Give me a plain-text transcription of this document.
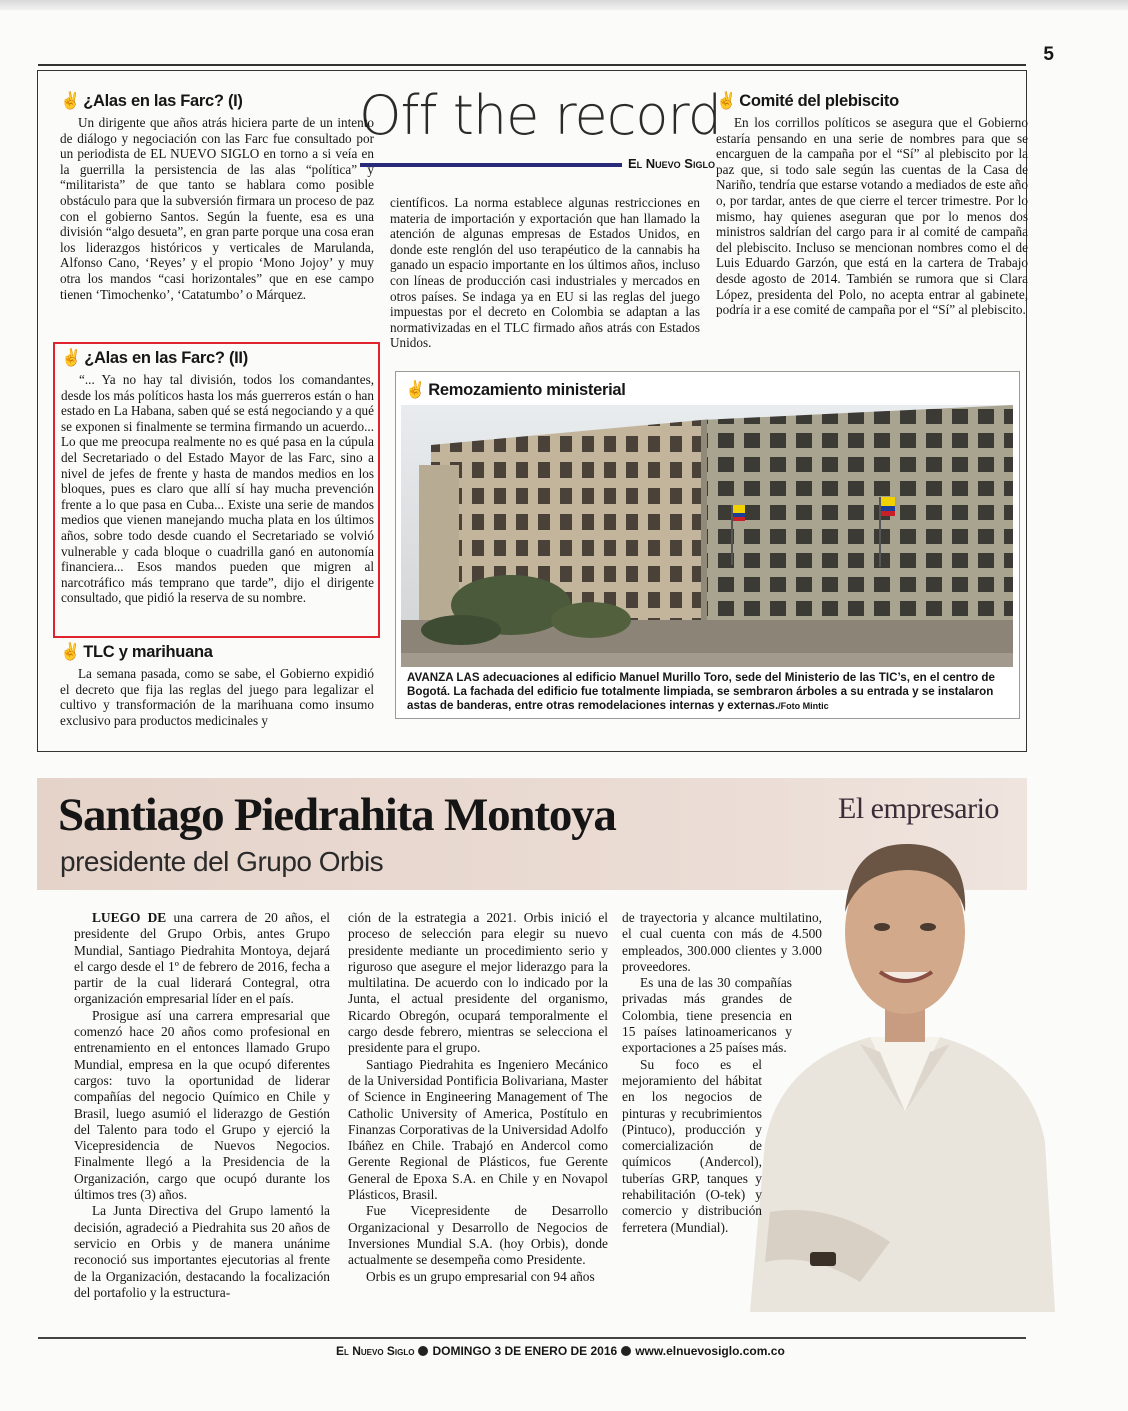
5
Off the record
El Nuevo Siglo
✌ ¿Alas en las Farc? (I)

Un dirigente que años atrás hiciera parte de un intento de diálogo y negociación con las Farc fue consultado por un periodista de EL NUEVO SIGLO en torno a si veía en la guerrilla la persistencia de las alas “política” y “militarista” de que tanto se hablara como posible obstáculo para que la subversión firmara un proceso de paz con el gobierno Santos. Según la fuente, esa es una división “algo desueta”, en gran parte porque una cosa eran los liderazgos históricos y verticales de Marulanda, Alfonso Cano, ‘Reyes’ y el propio ‘Mono Jojoy’ y muy otra los mandos “casi horizontales” que en ese campo tienen ‘Timochenko’, ‘Catatumbo’ o Márquez.

✌ ¿Alas en las Farc? (II)

“... Ya no hay tal división, todos los comandantes, desde los más políticos hasta los más guerreros están o han estado en La Habana, saben qué se está negociando y a qué se exponen si finalmente se termina firmando un acuerdo... Lo que me preocupa realmente no es qué pasa en la cúpula del Secretariado o del Estado Mayor de las Farc, sino a nivel de jefes de frente y hasta de mandos medios en los bloques, pues es claro que allí sí hay mucha prevención frente a lo que pasa en Cuba... Existe una serie de mandos medios que vienen manejando mucha plata en los últimos años, sobre todo desde cuando el Secretariado se volvió vulnerable y cada bloque o cuadrilla ganó en autonomía financiera... Esos mandos pueden que migren al narcotráfico más temprano que tarde”, dijo el dirigente consultado, que pidió la reserva de su nombre.

✌ TLC y marihuana

La semana pasada, como se sabe, el Gobierno expidió el decreto que fija las reglas del juego para legalizar el cultivo y transformación de la marihuana como insumo exclusivo para productos medicinales y

científicos. La norma establece algunas restricciones en materia de importación y exportación que han llamado la atención de algunas empresas de Estados Unidos, en donde este renglón del uso terapéutico de la cannabis ha ganado un espacio importante en los últimos años, incluso con líneas de producción casi industriales y mercados en otros países. Se indaga ya en EU si las reglas del juego impuestas por el decreto en Colombia se adaptan a las normativizadas en el TLC firmado años atrás con Estados Unidos.

✌ Comité del plebiscito

En los corrillos políticos se asegura que el Gobierno estaría pensando en una serie de nombres para que se encarguen de la campaña por el “Sí” al plebiscito por la paz que, si todo sale según las cuentas de la Casa de Nariño, tendría que estarse votando a mediados de este año o, por tardar, antes de que cierre el tercer trimestre. Por lo mismo, hay quienes aseguran que por lo menos dos ministros saldrían del cargo para ir al comité de campaña del plebiscito. Incluso se mencionan nombres como el de Luis Eduardo Garzón, que está en la cartera de Trabajo desde agosto de 2014. También se rumora que si Clara López, presidenta del Polo, no acepta entrar al gabinete, podría ir a ese comité de campaña por el “Sí” al plebiscito.

✌ Remozamiento ministerial
AVANZA LAS adecuaciones al edificio Manuel Murillo Toro, sede del Ministerio de las TIC’s, en el centro de Bogotá. La fachada del edificio fue totalmente limpiada, se sembraron árboles a su entrada y se instalaron astas de banderas, entre otras remodelaciones internas y externas./Foto Mintic
Santiago Piedrahita Montoya
presidente del Grupo Orbis
El empresario

LUEGO DE una carrera de 20 años, el presidente del Grupo Orbis, antes Grupo Mundial, Santiago Piedrahita Montoya, dejará el cargo desde el 1º de febrero de 2016, fecha a partir de la cual liderará Contegral, otra organización empresarial líder en el país.

Prosigue así una carrera empresarial que comenzó hace 20 años como profesional en entrenamiento en el entonces llamado Grupo Mundial, empresa en la que ocupó diferentes cargos: tuvo la oportunidad de liderar compañías del negocio Químico en Chile y Brasil, luego asumió el liderazgo de Gestión del Talento para todo el Grupo y ejerció la Vicepresidencia de Nuevos Negocios. Finalmente llegó a la Presidencia de la Organización, cargo que ocupó durante los últimos tres (3) años.

La Junta Directiva del Grupo lamentó la decisión, agradeció a Piedrahita sus 20 años de servicio en Orbis y de manera unánime reconoció sus importantes ejecutorias al frente de la Organización, destacando la focalización del portafolio y la estructura-

ción de la estrategia a 2021. Orbis inició el proceso de selección para elegir su nuevo presidente mediante un procedimiento serio y riguroso que asegure el mejor liderazgo para la multilatina. De acuerdo con lo indicado por la Junta, el actual presidente del organismo, Ricardo Obregón, ocupará temporalmente el cargo desde febrero, mientras se selecciona el presidente para el grupo.

Santiago Piedrahita es Ingeniero Mecánico de la Universidad Pontificia Bolivariana, Master of Science in Engineering Management of The Catholic University of America, Postítulo en Finanzas Corporativas de la Universidad Adolfo Ibáñez en Chile. Trabajó en Andercol como Gerente Regional de Plásticos, fue Gerente General de Epoxa S.A. en Chile y en Novapol Plásticos, Brasil.

Fue Vicepresidente de Desarrollo Organizacional y Desarrollo de Negocios de Inversiones Mundial S.A. (hoy Orbis), donde actualmente se desempeña como Presidente.

Orbis es un grupo empresarial con 94 años

de trayectoria y alcance multilatino, el cual cuenta con más de 4.500 empleados, 300.000 clientes y 3.000 proveedores.

Es una de las 30 compañías privadas más grandes de Colombia, tiene presencia en 15 países latinoamericanos y exportaciones a 25 países más.

Su foco es el mejoramiento del hábitat en los negocios de pinturas y recubrimientos (Pintuco), producción y comercialización de químicos (Andercol), tuberías GRP, tanques y rehabilitación (O-tek) y comercio y distribución ferretera (Mundial).

El Nuevo Siglo DOMINGO 3 DE ENERO DE 2016 www.elnuevosiglo.com.co
